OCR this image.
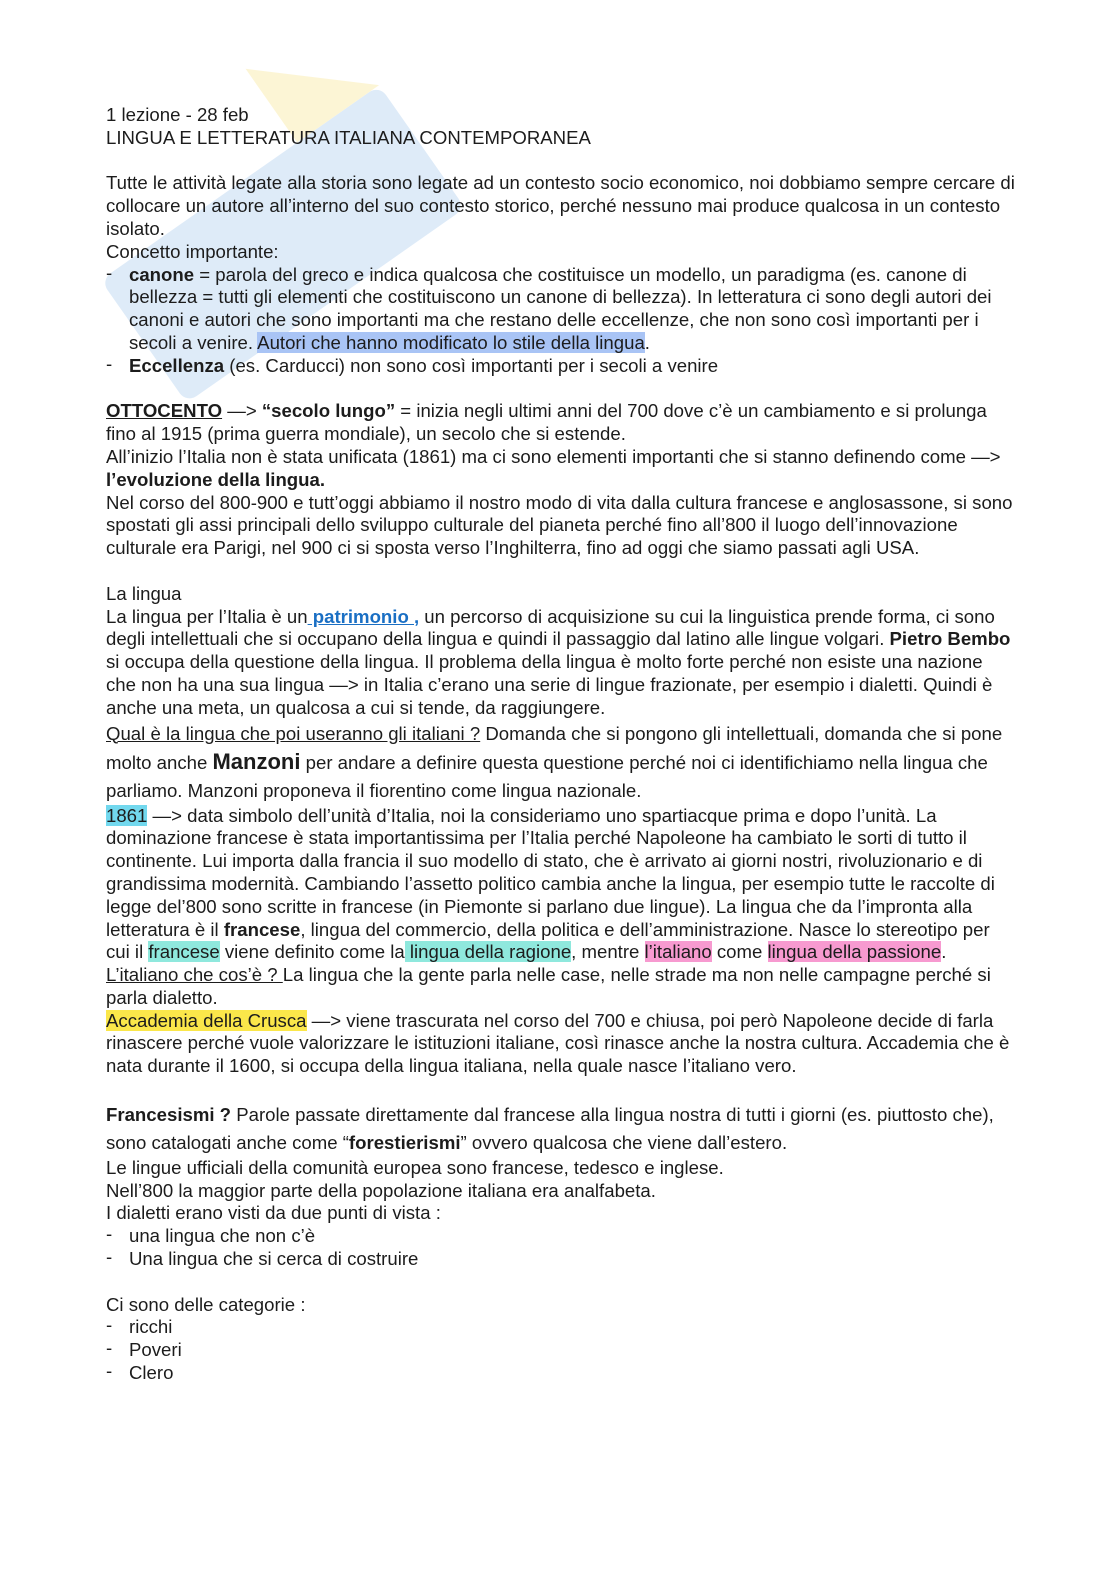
1 lezione - 28 feb

LINGUA E LETTERATURA ITALIANA CONTEMPORANEA

Tutte le attività legate alla storia sono legate ad un contesto socio economico, noi dobbiamo sempre cercare di collocare un autore all’interno del suo contesto storico, perché nessuno mai produce qualcosa in un contesto isolato.

Concetto importante:

- canone = parola del greco e indica qualcosa che costituisce un modello, un paradigma (es. canone di bellezza = tutti gli elementi che costituiscono un canone di bellezza). In letteratura ci sono degli autori dei canoni e autori che sono importanti ma che restano delle eccellenze, che non sono così importanti per i secoli a venire. Autori che hanno modificato lo stile della lingua.
- Eccellenza (es. Carducci) non sono così importanti per i secoli a venire

OTTOCENTO —> “secolo lungo” = inizia negli ultimi anni del 700 dove c’è un cambiamento e si prolunga fino al 1915 (prima guerra mondiale), un secolo che si estende.

All’inizio l’Italia non è stata unificata (1861) ma ci sono elementi importanti che si stanno definendo come —> l’evoluzione della lingua.

Nel corso del 800-900 e tutt’oggi abbiamo il nostro modo di vita dalla cultura francese e anglosassone, si sono spostati gli assi principali dello sviluppo culturale del pianeta perché fino all’800 il luogo dell’innovazione culturale era Parigi, nel 900 ci si sposta verso l’Inghilterra, fino ad oggi che siamo passati agli USA.

La lingua

La lingua per l’Italia è un patrimonio , un percorso di acquisizione su cui la linguistica prende forma, ci sono degli intellettuali che si occupano della lingua e quindi il passaggio dal latino alle lingue volgari. Pietro Bembo si occupa della questione della lingua. Il problema della lingua è molto forte perché non esiste una nazione che non ha una sua lingua —> in Italia c’erano una serie di lingue frazionate, per esempio i dialetti. Quindi è anche una meta, un qualcosa a cui si tende, da raggiungere.

Qual è la lingua che poi useranno gli italiani ? Domanda che si pongono gli intellettuali, domanda che si pone molto anche Manzoni per andare a definire questa questione perché noi ci identifichiamo nella lingua che parliamo. Manzoni proponeva il fiorentino come lingua nazionale.

1861 —> data simbolo dell’unità d’Italia, noi la consideriamo uno spartiacque prima e dopo l’unità. La dominazione francese è stata importantissima per l’Italia perché Napoleone ha cambiato le sorti di tutto il continente. Lui importa dalla francia il suo modello di stato, che è arrivato ai giorni nostri, rivoluzionario e di grandissima modernità. Cambiando l’assetto politico cambia anche la lingua, per esempio tutte le raccolte di legge del’800 sono scritte in francese (in Piemonte si parlano due lingue). La lingua che da l’impronta alla letteratura è il francese, lingua del commercio, della politica e dell’amministrazione. Nasce lo stereotipo per cui il francese viene definito come la lingua della ragione, mentre l’italiano come lingua della passione.

L’italiano che cos’è ? La lingua che la gente parla nelle case, nelle strade ma non nelle campagne perché si parla dialetto.

Accademia della Crusca —> viene trascurata nel corso del 700 e chiusa, poi però Napoleone decide di farla rinascere perché vuole valorizzare le istituzioni italiane, così rinasce anche la nostra cultura. Accademia che è nata durante il 1600, si occupa della lingua italiana, nella quale nasce l’italiano vero.

Francesismi ? Parole passate direttamente dal francese alla lingua nostra di tutti i giorni (es. piuttosto che), sono catalogati anche come “forestierismi” ovvero qualcosa che viene dall’estero.

Le lingue ufficiali della comunità europea sono francese, tedesco e inglese.

Nell’800 la maggior parte della popolazione italiana era analfabeta.

I dialetti erano visti da due punti di vista :

- una lingua che non c’è
- Una lingua che si cerca di costruire

Ci sono delle categorie :

- ricchi
- Poveri
- Clero
